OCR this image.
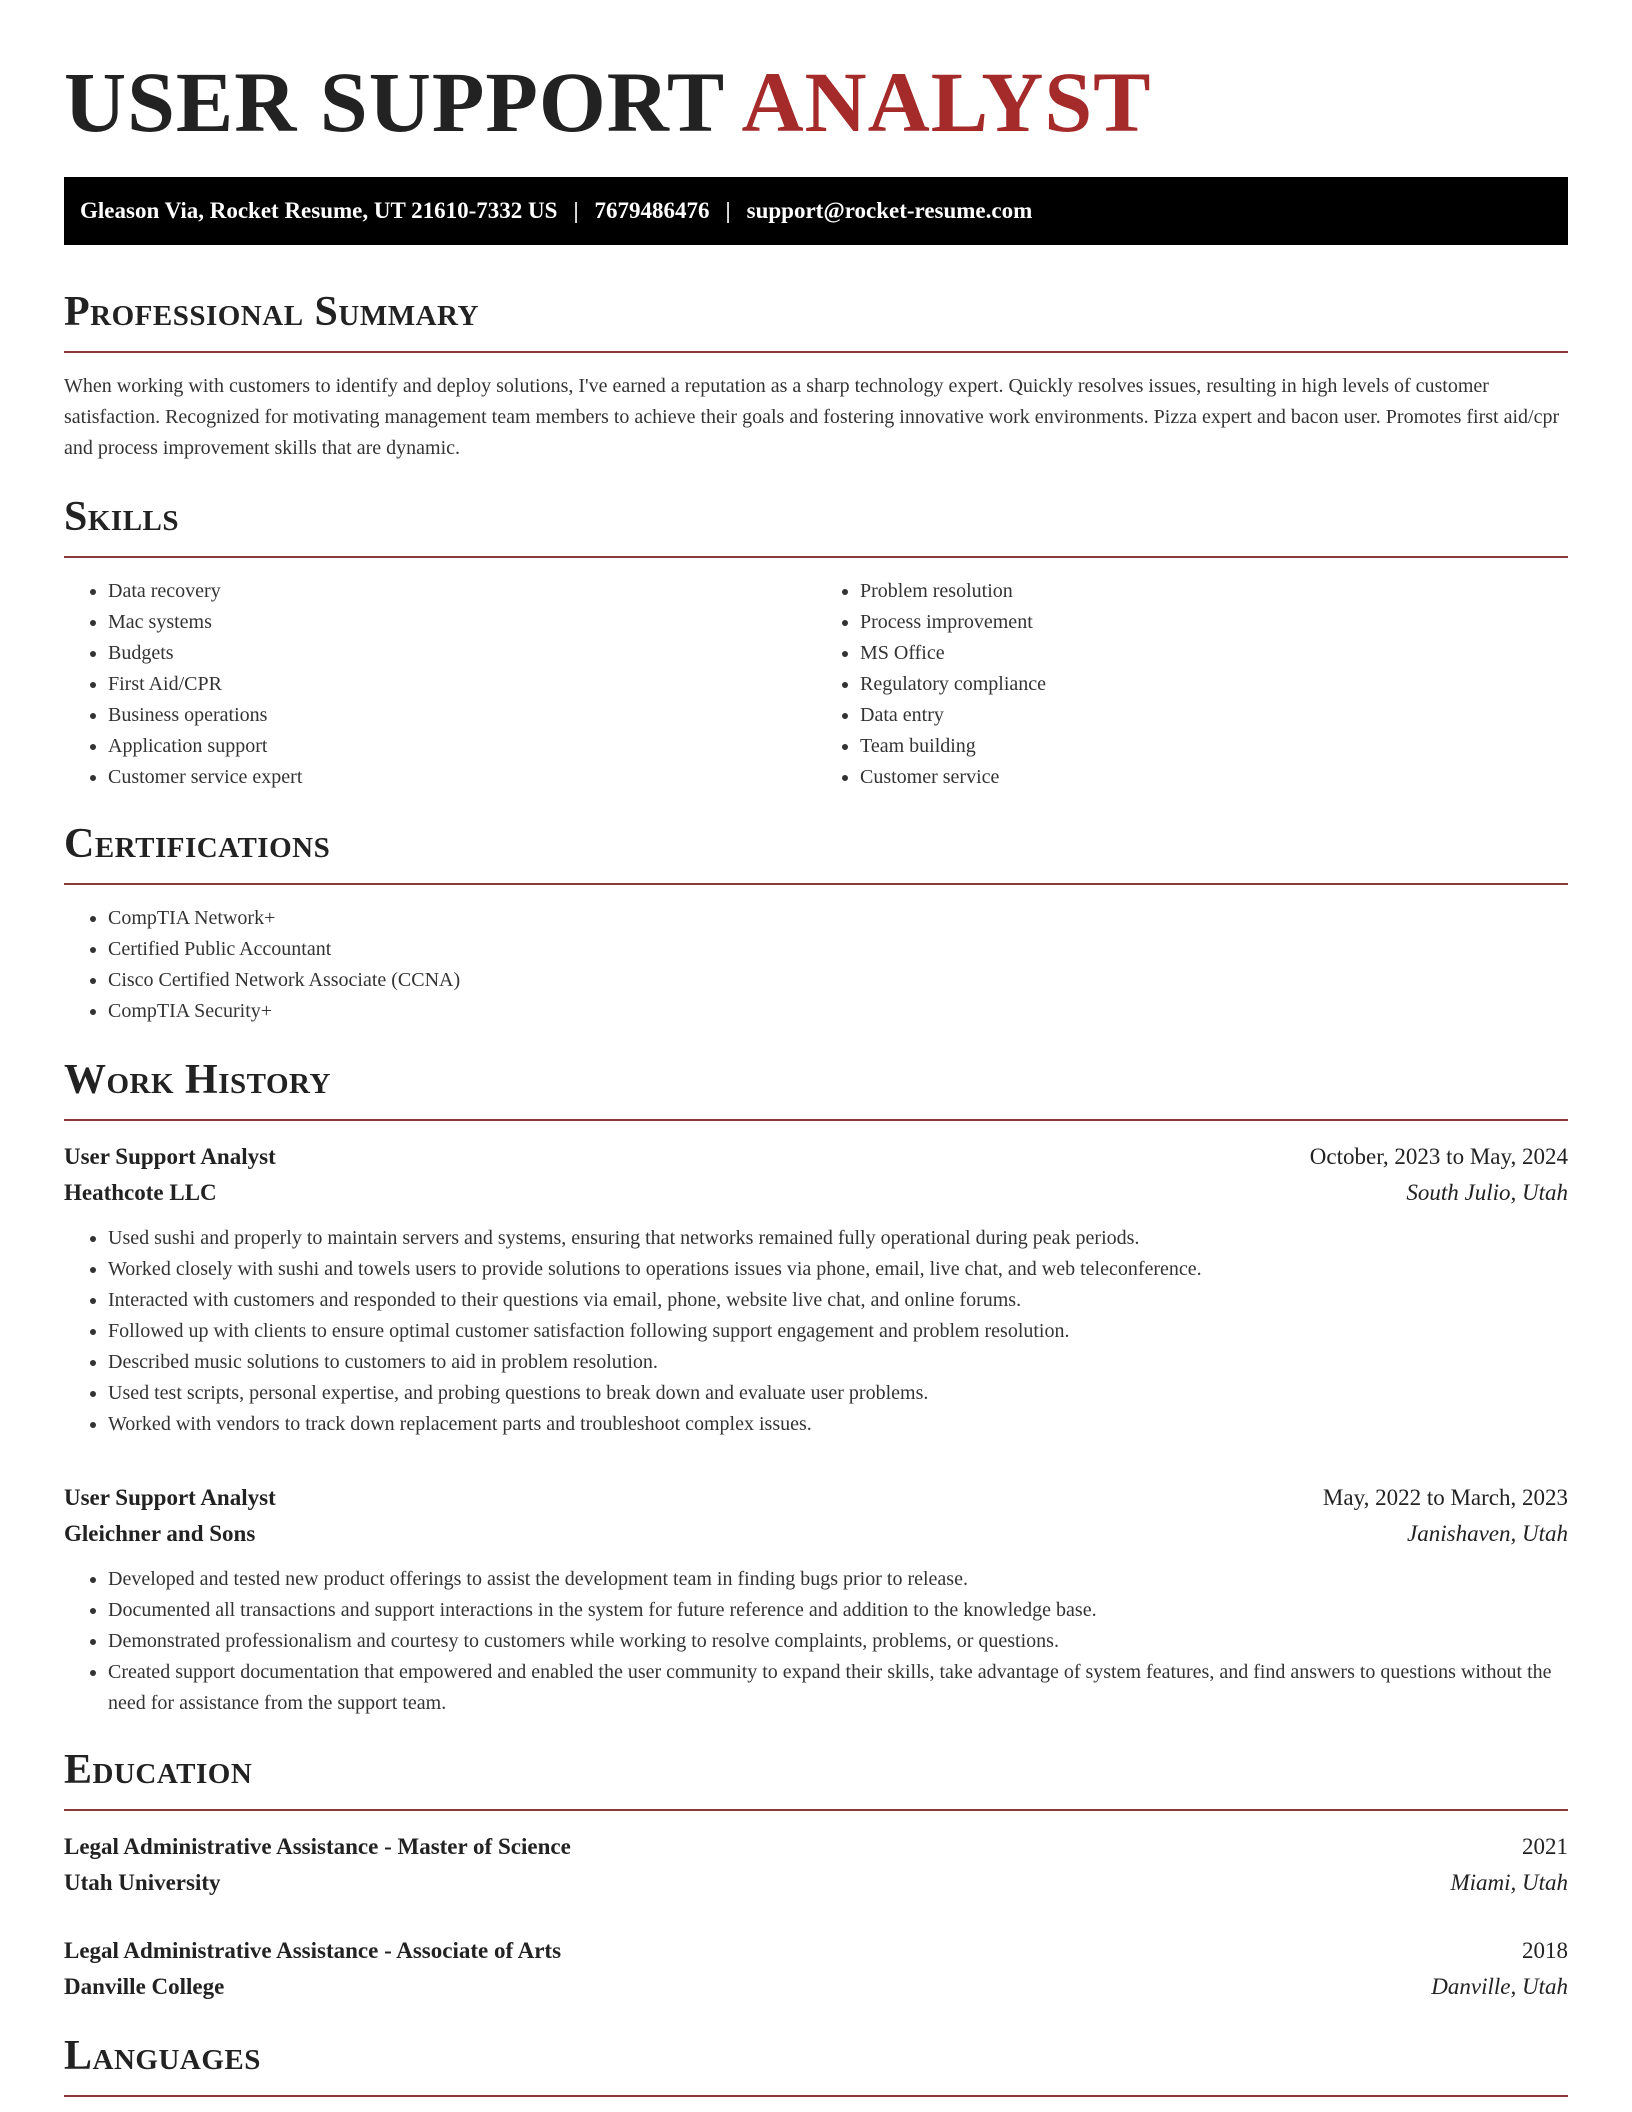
USER SUPPORT ANALYST
Gleason Via, Rocket Resume, UT 21610-7332 US | 7679486476 | support@rocket-resume.com
Professional Summary

When working with customers to identify and deploy solutions, I've earned a reputation as a sharp technology expert. Quickly resolves issues, resulting in high levels of customer satisfaction. Recognized for motivating management team members to achieve their goals and fostering innovative work environments. Pizza expert and bacon user. Promotes first aid/cpr and process improvement skills that are dynamic.

Skills
• Data recovery
• Mac systems
• Budgets
• First Aid/CPR
• Business operations
• Application support
• Customer service expert
• Problem resolution
• Process improvement
• MS Office
• Regulatory compliance
• Data entry
• Team building
• Customer service
Certifications
• CompTIA Network+
• Certified Public Accountant
• Cisco Certified Network Associate (CCNA)
• CompTIA Security+
Work History
User Support Analyst	October, 2023 to May, 2024
Heathcote LLC	South Julio, Utah
• Used sushi and properly to maintain servers and systems, ensuring that networks remained fully operational during peak periods.
• Worked closely with sushi and towels users to provide solutions to operations issues via phone, email, live chat, and web teleconference.
• Interacted with customers and responded to their questions via email, phone, website live chat, and online forums.
• Followed up with clients to ensure optimal customer satisfaction following support engagement and problem resolution.
• Described music solutions to customers to aid in problem resolution.
• Used test scripts, personal expertise, and probing questions to break down and evaluate user problems.
• Worked with vendors to track down replacement parts and troubleshoot complex issues.
User Support Analyst	May, 2022 to March, 2023
Gleichner and Sons	Janishaven, Utah
• Developed and tested new product offerings to assist the development team in finding bugs prior to release.
• Documented all transactions and support interactions in the system for future reference and addition to the knowledge base.
• Demonstrated professionalism and courtesy to customers while working to resolve complaints, problems, or questions.
• Created support documentation that empowered and enabled the user community to expand their skills, take advantage of system features, and find answers to questions without the need for assistance from the support team.
Education
Legal Administrative Assistance - Master of Science	2021
Utah University	Miami, Utah
Legal Administrative Assistance - Associate of Arts	2018
Danville College	Danville, Utah
Languages
